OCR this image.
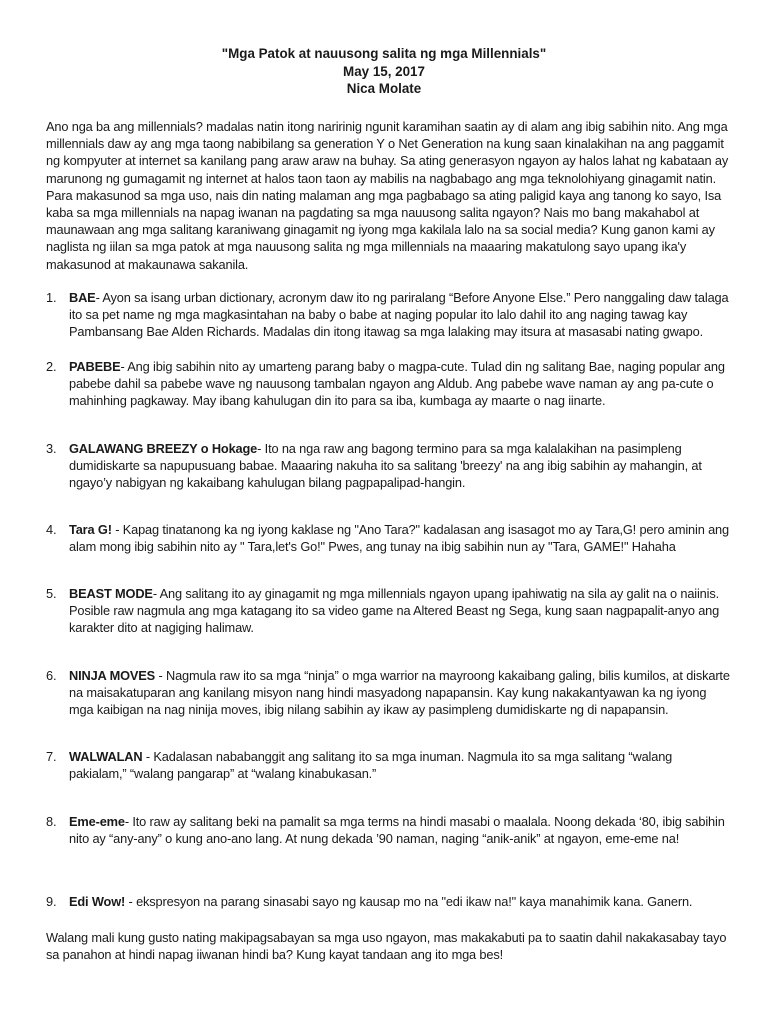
"Mga Patok at nauusong salita ng mga Millennials"
May 15, 2017
Nica Molate
Ano nga ba ang millennials? madalas natin itong naririnig ngunit karamihan saatin ay di alam ang ibig sabihin nito. Ang mga millennials daw ay ang mga taong nabibilang sa generation Y o Net Generation na kung saan kinalakihan na ang paggamit ng kompyuter at internet sa kanilang pang araw araw na buhay. Sa ating generasyon ngayon ay halos lahat ng kabataan ay marunong ng gumagamit ng internet at halos taon taon ay mabilis na nagbabago ang mga teknolohiyang ginagamit natin. Para makasunod sa mga uso, nais din nating malaman ang mga pagbabago sa ating paligid kaya ang tanong ko sayo, Isa kaba sa mga millennials na napag iwanan na pagdating sa mga nauusong salita ngayon? Nais mo bang makahabol at maunawaan ang mga salitang karaniwang ginagamit ng iyong mga kakilala lalo na sa social media? Kung ganon kami ay naglista ng iilan sa mga patok at mga nauusong salita ng mga millennials na maaaring makatulong sayo upang ika'y makasunod at makaunawa sakanila.
1. BAE- Ayon sa isang urban dictionary, acronym daw ito ng pariralang “Before Anyone Else.” Pero nanggaling daw talaga ito sa pet name ng mga magkasintahan na baby o babe at naging popular ito lalo dahil ito ang naging tawag kay Pambansang Bae Alden Richards. Madalas din itong itawag sa mga lalaking may itsura at masasabi nating gwapo.
2. PABEBE- Ang ibig sabihin nito ay umarteng parang baby o magpa-cute. Tulad din ng salitang Bae, naging popular ang pabebe dahil sa pabebe wave ng nauusong tambalan ngayon ang Aldub. Ang pabebe wave naman ay ang pa-cute o mahinhing pagkaway. May ibang kahulugan din ito para sa iba, kumbaga ay maarte o nag iinarte.
3. GALAWANG BREEZY o Hokage- Ito na nga raw ang bagong termino para sa mga kalalakihan na pasimpleng dumidiskarte sa napupusuang babae. Maaaring nakuha ito sa salitang 'breezy' na ang ibig sabihin ay mahangin, at ngayo’y nabigyan ng kakaibang kahulugan bilang pagpapalipad-hangin.
4. Tara G! - Kapag tinatanong ka ng iyong kaklase ng "Ano Tara?" kadalasan ang isasagot mo ay Tara,G! pero aminin ang alam mong ibig sabihin nito ay " Tara,let's Go!" Pwes, ang tunay na ibig sabihin nun ay "Tara, GAME!" Hahaha
5. BEAST MODE- Ang salitang ito ay ginagamit ng mga millennials ngayon upang ipahiwatig na sila ay galit na o naiinis. Posible raw nagmula ang mga katagang ito sa video game na Altered Beast ng Sega, kung saan nagpapalit-anyo ang karakter dito at nagiging halimaw.
6. NINJA MOVES - Nagmula raw ito sa mga “ninja” o mga warrior na mayroong kakaibang galing, bilis kumilos, at diskarte na maisakatuparan ang kanilang misyon nang hindi masyadong napapansin. Kay kung nakakantyawan ka ng iyong mga kaibigan na nag ninija moves, ibig nilang sabihin ay ikaw ay pasimpleng dumidiskarte ng di napapansin.
7. WALWALAN - Kadalasan nababanggit ang salitang ito sa mga inuman. Nagmula ito sa mga salitang “walang pakialam,” “walang pangarap” at “walang kinabukasan.”
8. Eme-eme- Ito raw ay salitang beki na pamalit sa mga terms na hindi masabi o maalala. Noong dekada ‘80, ibig sabihin nito ay “any-any” o kung ano-ano lang. At nung dekada ’90 naman, naging “anik-anik” at ngayon, eme-eme na!
9. Edi Wow! - ekspresyon na parang sinasabi sayo ng kausap mo na "edi ikaw na!" kaya manahimik kana. Ganern.
Walang mali kung gusto nating makipagsabayan sa mga uso ngayon, mas makakabuti pa to saatin dahil nakakasabay tayo sa panahon at hindi napag iiwanan hindi ba? Kung kayat tandaan ang ito mga bes!
